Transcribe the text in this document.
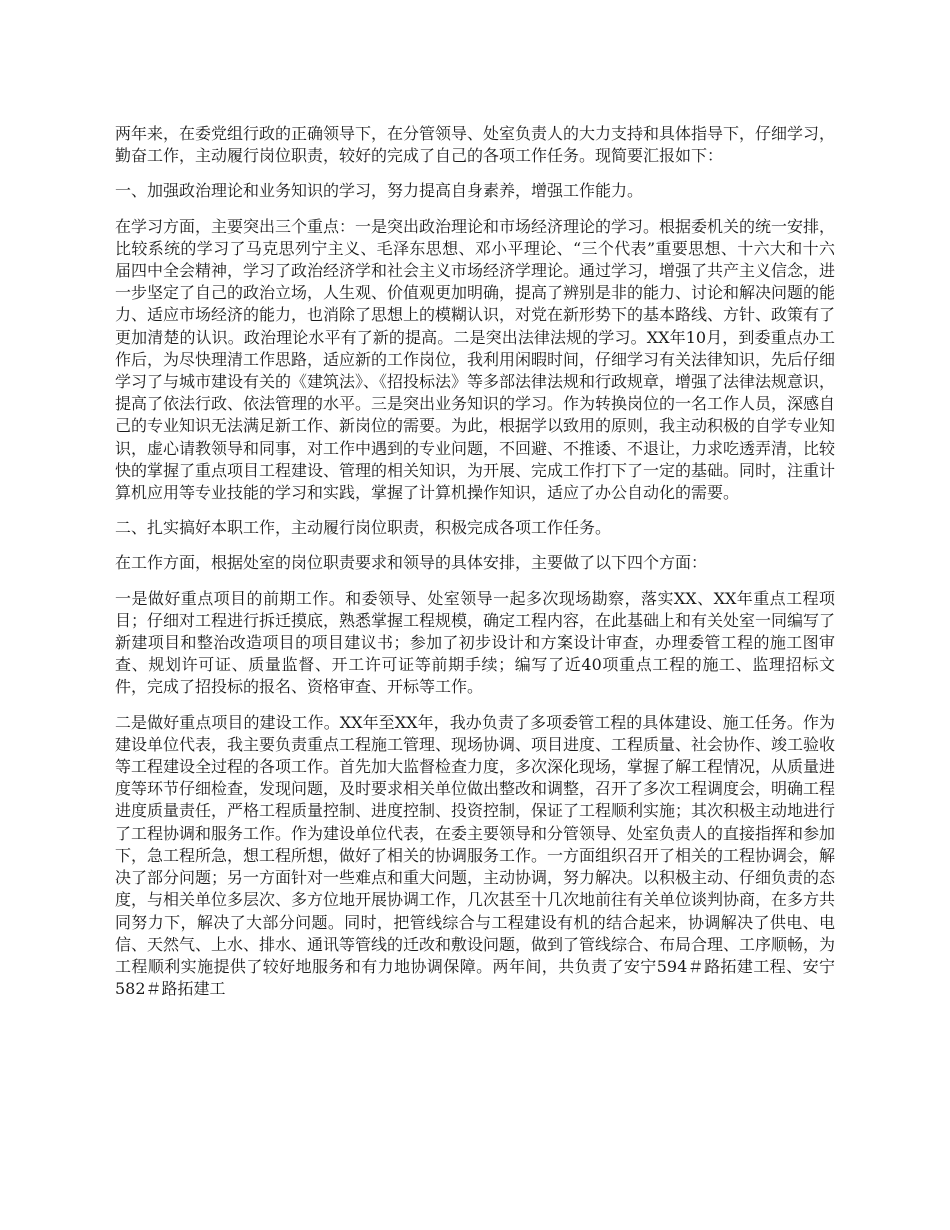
两年来，在委党组行政的正确领导下，在分管领导、处室负责人的大力支持和具体指导下，仔细学习，勤奋工作，主动履行岗位职责，较好的完成了自己的各项工作任务。现简要汇报如下：

一、加强政治理论和业务知识的学习，努力提高自身素养，增强工作能力。

在学习方面，主要突出三个重点：一是突出政治理论和市场经济理论的学习。根据委机关的统一安排，比较系统的学习了马克思列宁主义、毛泽东思想、邓小平理论、“三个代表”重要思想、十六大和十六届四中全会精神，学习了政治经济学和社会主义市场经济学理论。通过学习，增强了共产主义信念，进一步坚定了自己的政治立场，人生观、价值观更加明确，提高了辨别是非的能力、讨论和解决问题的能力、适应市场经济的能力，也消除了思想上的模糊认识，对党在新形势下的基本路线、方针、政策有了更加清楚的认识。政治理论水平有了新的提高。二是突出法律法规的学习。XX年10月，到委重点办工作后，为尽快理清工作思路，适应新的工作岗位，我利用闲暇时间，仔细学习有关法律知识，先后仔细学习了与城市建设有关的《建筑法》、《招投标法》等多部法律法规和行政规章，增强了法律法规意识，提高了依法行政、依法管理的水平。三是突出业务知识的学习。作为转换岗位的一名工作人员，深感自己的专业知识无法满足新工作、新岗位的需要。为此，根据学以致用的原则，我主动积极的自学专业知识，虚心请教领导和同事，对工作中遇到的专业问题，不回避、不推诿、不退让，力求吃透弄清，比较快的掌握了重点项目工程建设、管理的相关知识，为开展、完成工作打下了一定的基础。同时，注重计算机应用等专业技能的学习和实践，掌握了计算机操作知识，适应了办公自动化的需要。

二、扎实搞好本职工作，主动履行岗位职责，积极完成各项工作任务。

在工作方面，根据处室的岗位职责要求和领导的具体安排，主要做了以下四个方面：

一是做好重点项目的前期工作。和委领导、处室领导一起多次现场勘察，落实XX、XX年重点工程项目；仔细对工程进行拆迁摸底，熟悉掌握工程规模，确定工程内容，在此基础上和有关处室一同编写了新建项目和整治改造项目的项目建议书；参加了初步设计和方案设计审查，办理委管工程的施工图审查、规划许可证、质量监督、开工许可证等前期手续；编写了近40项重点工程的施工、监理招标文件，完成了招投标的报名、资格审查、开标等工作。

二是做好重点项目的建设工作。XX年至XX年，我办负责了多项委管工程的具体建设、施工任务。作为建设单位代表，我主要负责重点工程施工管理、现场协调、项目进度、工程质量、社会协作、竣工验收等工程建设全过程的各项工作。首先加大监督检查力度，多次深化现场，掌握了解工程情况，从质量进度等环节仔细检查，发现问题，及时要求相关单位做出整改和调整，召开了多次工程调度会，明确工程进度质量责任，严格工程质量控制、进度控制、投资控制，保证了工程顺利实施；其次积极主动地进行了工程协调和服务工作。作为建设单位代表，在委主要领导和分管领导、处室负责人的直接指挥和参加下，急工程所急，想工程所想，做好了相关的协调服务工作。一方面组织召开了相关的工程协调会，解决了部分问题；另一方面针对一些难点和重大问题，主动协调，努力解决。以积极主动、仔细负责的态度，与相关单位多层次、多方位地开展协调工作，几次甚至十几次地前往有关单位谈判协商，在多方共同努力下，解决了大部分问题。同时，把管线综合与工程建设有机的结合起来，协调解决了供电、电信、天然气、上水、排水、通讯等管线的迁改和敷设问题，做到了管线综合、布局合理、工序顺畅，为工程顺利实施提供了较好地服务和有力地协调保障。两年间，共负责了安宁594＃路拓建工程、安宁582＃路拓建工
